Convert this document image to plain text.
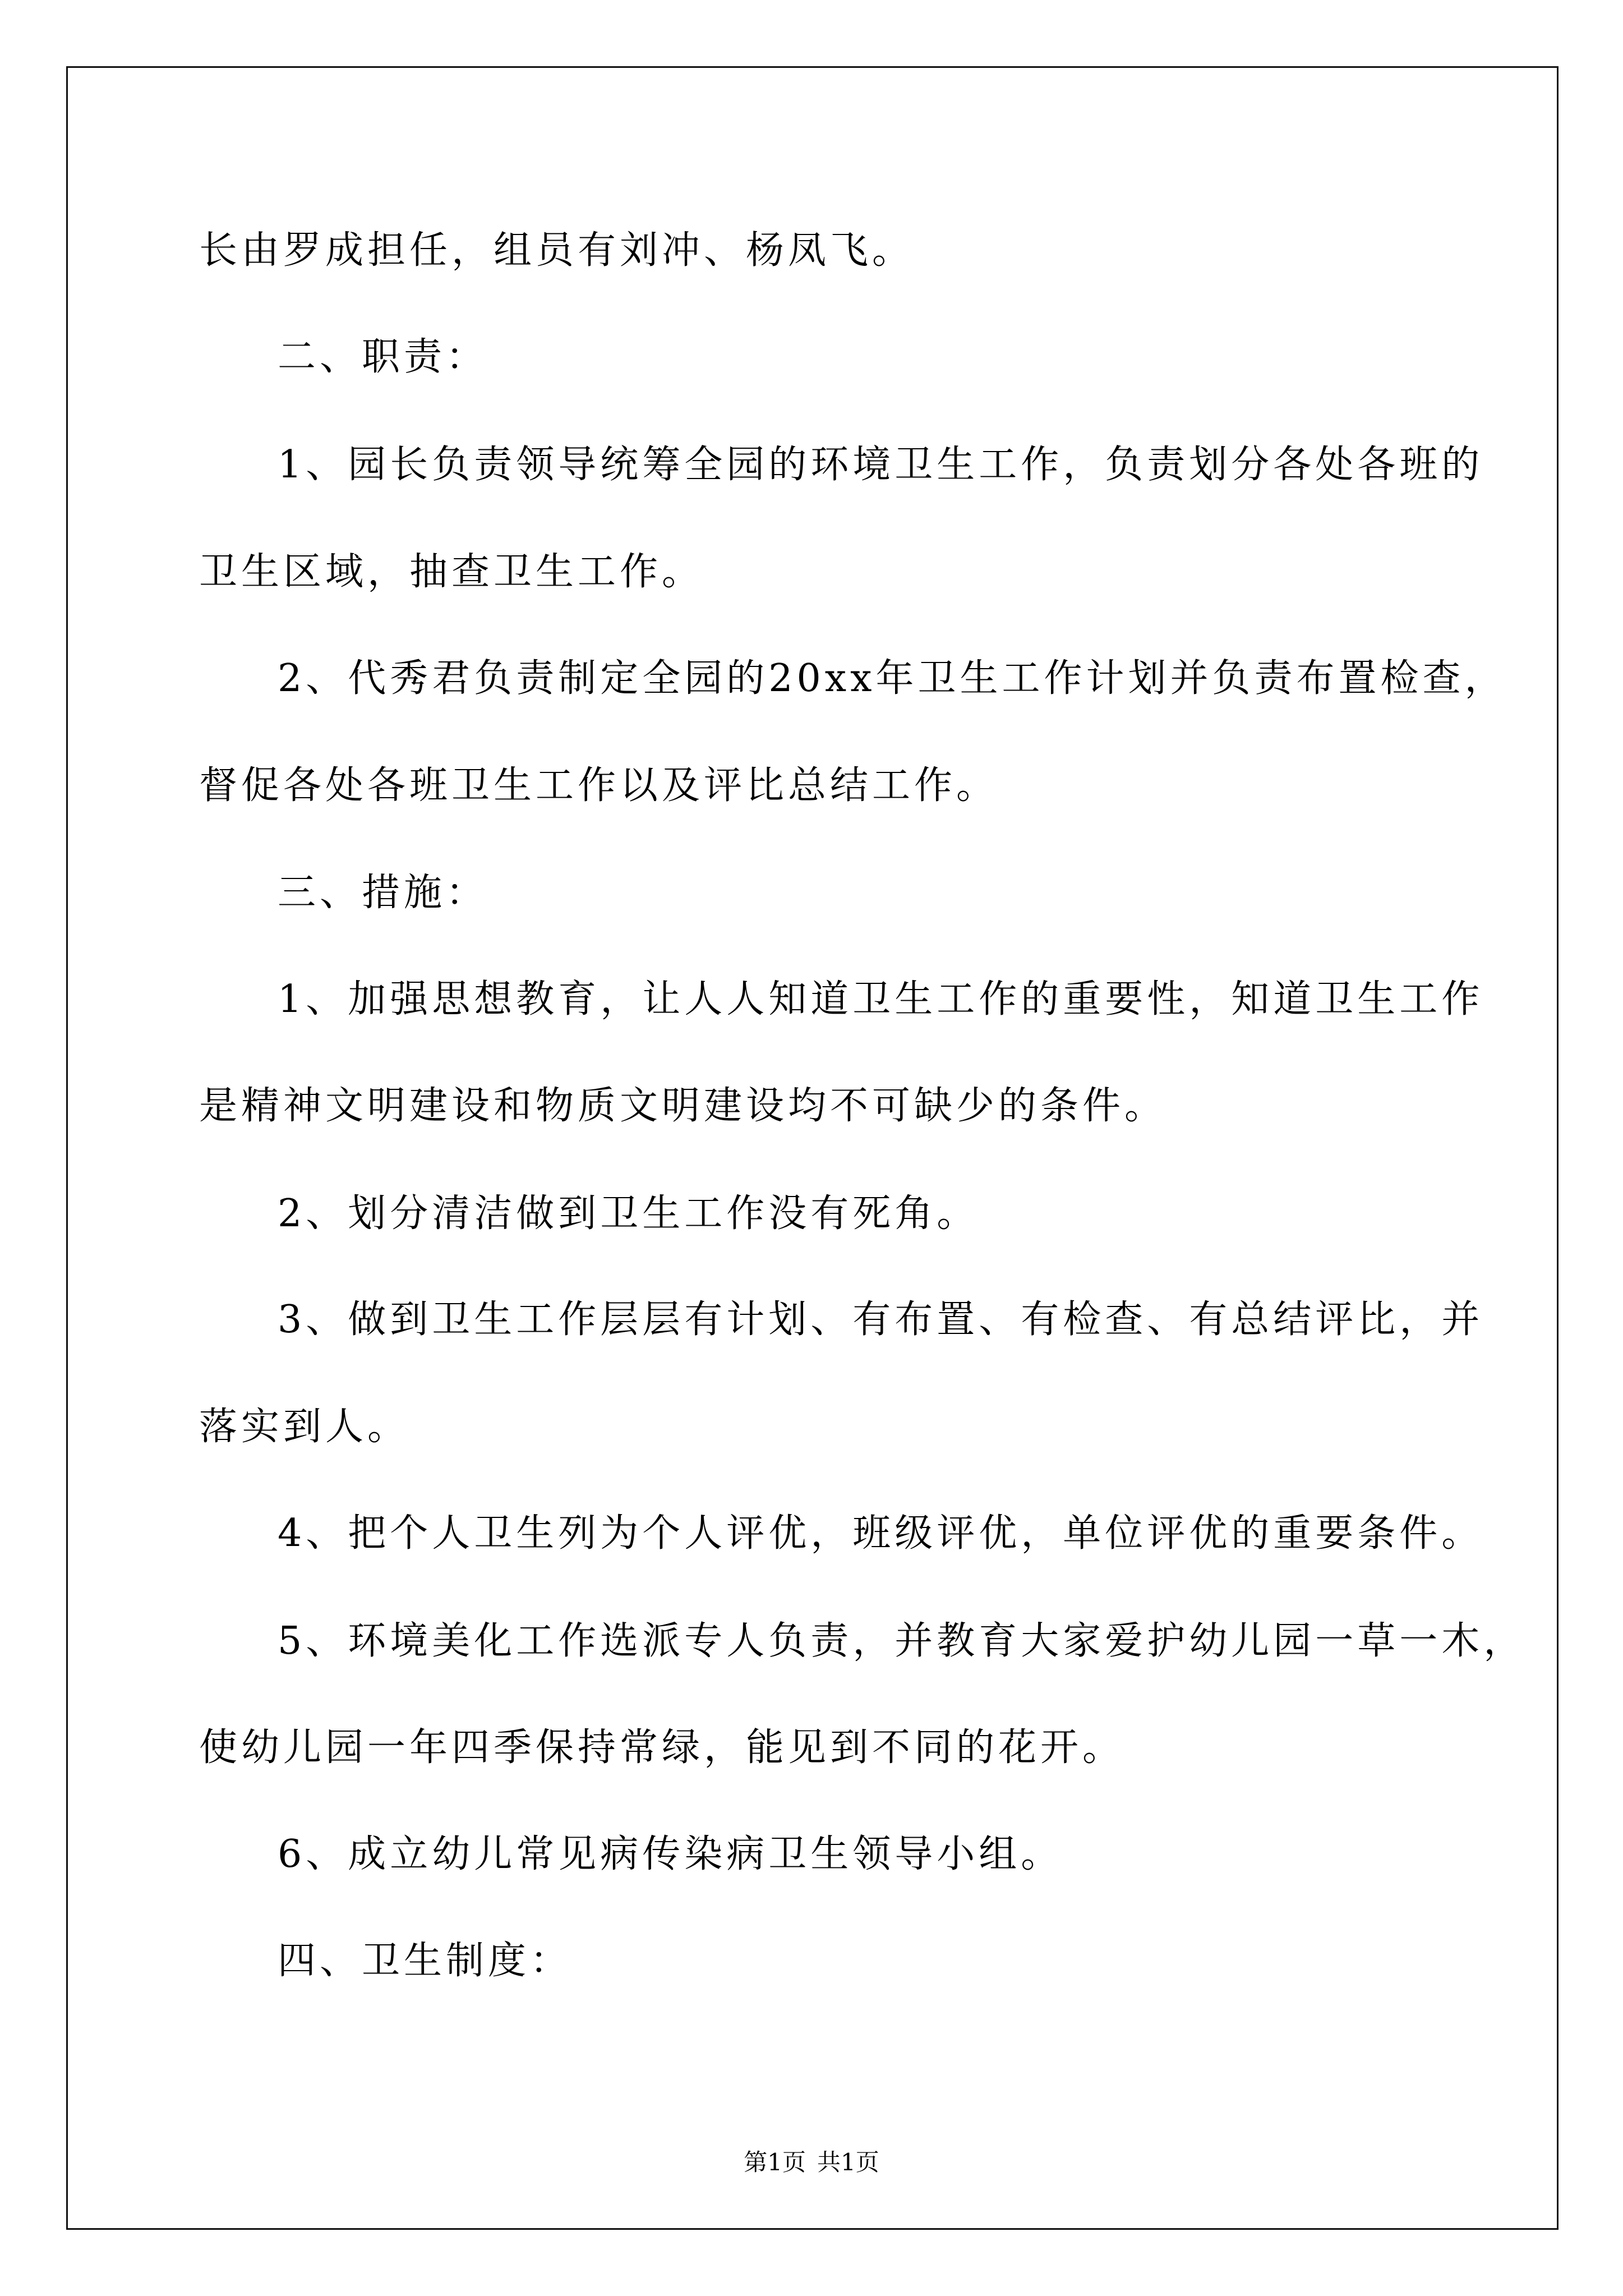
长由罗成担任，组员有刘冲、杨凤飞。
二、职责：
1、园长负责领导统筹全园的环境卫生工作，负责划分各处各班的
卫生区域，抽查卫生工作。
2、代秀君负责制定全园的20xx年卫生工作计划并负责布置检查，
督促各处各班卫生工作以及评比总结工作。
三、措施：
1、加强思想教育，让人人知道卫生工作的重要性，知道卫生工作
是精神文明建设和物质文明建设均不可缺少的条件。
2、划分清洁做到卫生工作没有死角。
3、做到卫生工作层层有计划、有布置、有检查、有总结评比，并
落实到人。
4、把个人卫生列为个人评优，班级评优，单位评优的重要条件。
5、环境美化工作选派专人负责，并教育大家爱护幼儿园一草一木，
使幼儿园一年四季保持常绿，能见到不同的花开。
6、成立幼儿常见病传染病卫生领导小组。
四、卫生制度：
第1页 共1页
